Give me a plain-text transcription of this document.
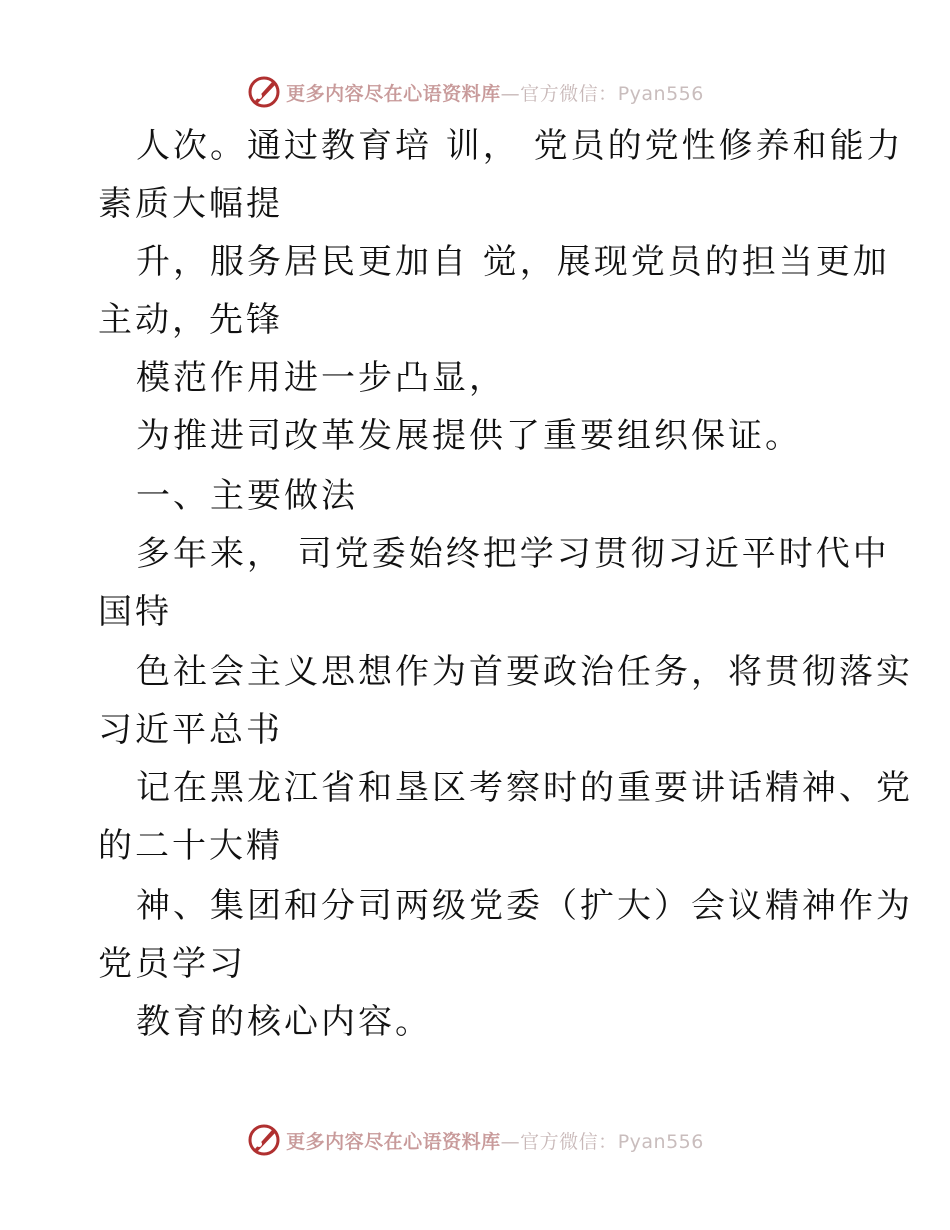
更多内容尽在心语资料库—官方微信：Pyan556
人次。通过教育培 训， 党员的党性修养和能力
素质大幅提
升，服务居民更加自 觉，展现党员的担当更加
主动，先锋
模范作用进一步凸显，
为推进司改革发展提供了重要组织保证。
一、主要做法
多年来， 司党委始终把学习贯彻习近平时代中
国特
色社会主义思想作为首要政治任务，将贯彻落实
习近平总书
记在黑龙江省和垦区考察时的重要讲话精神、党
的二十大精
神、集团和分司两级党委（扩大）会议精神作为
党员学习
教育的核心内容。
更多内容尽在心语资料库—官方微信：Pyan556
